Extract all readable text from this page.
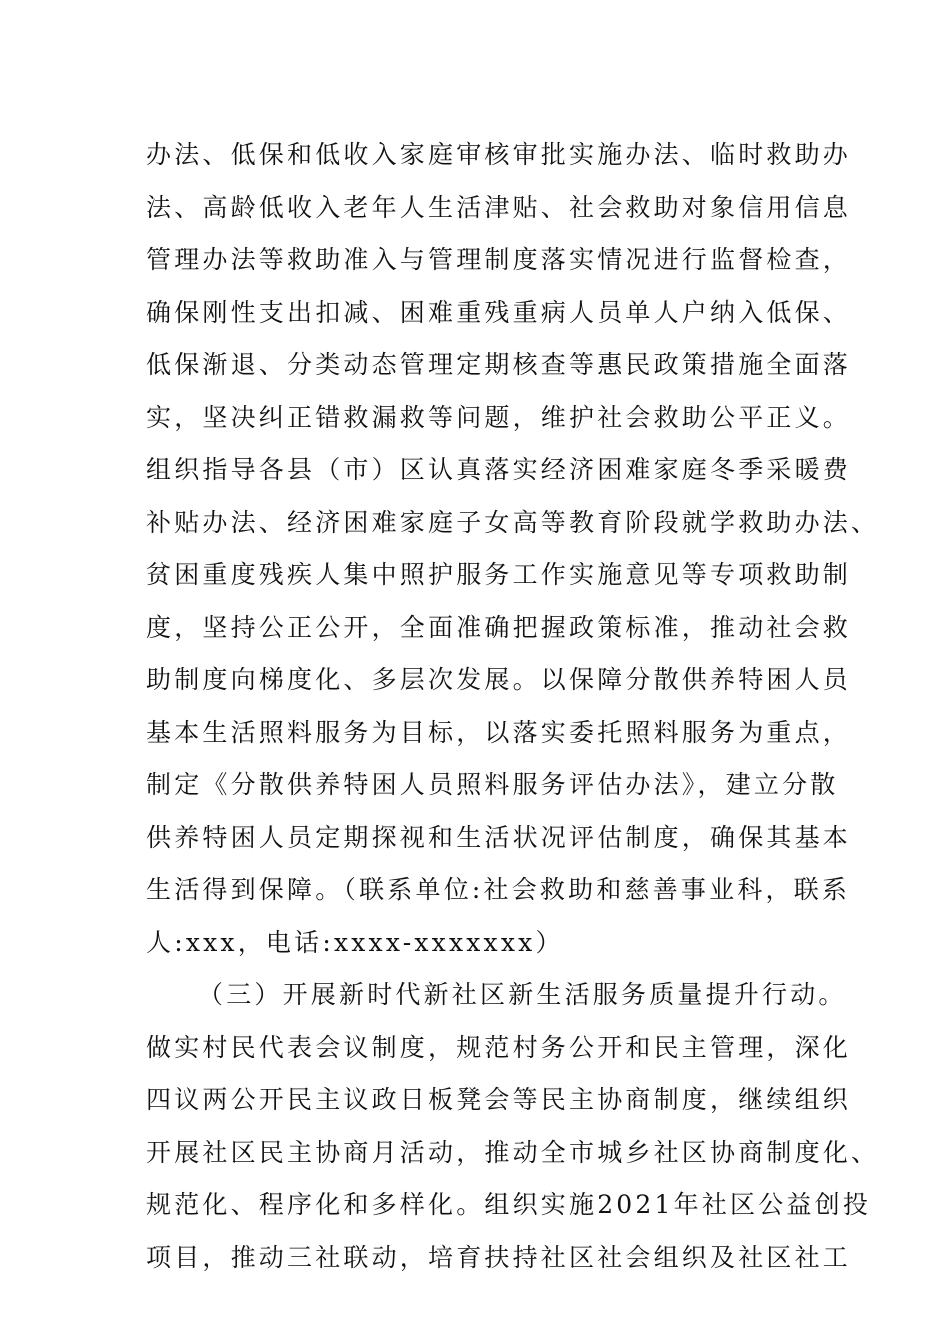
办法、低保和低收入家庭审核审批实施办法、临时救助办
法、高龄低收入老年人生活津贴、社会救助对象信用信息
管理办法等救助准入与管理制度落实情况进行监督检查，
确保刚性支出扣减、困难重残重病人员单人户纳入低保、
低保渐退、分类动态管理定期核查等惠民政策措施全面落
实，坚决纠正错救漏救等问题，维护社会救助公平正义。
组织指导各县（市）区认真落实经济困难家庭冬季采暖费
补贴办法、经济困难家庭子女高等教育阶段就学救助办法、
贫困重度残疾人集中照护服务工作实施意见等专项救助制
度，坚持公正公开，全面准确把握政策标准，推动社会救
助制度向梯度化、多层次发展。以保障分散供养特困人员
基本生活照料服务为目标，以落实委托照料服务为重点，
制定《分散供养特困人员照料服务评估办法》，建立分散
供养特困人员定期探视和生活状况评估制度，确保其基本
生活得到保障。（联系单位:社会救助和慈善事业科，联系
人:xxx，电话:xxxx-xxxxxxx）
（三）开展新时代新社区新生活服务质量提升行动。
做实村民代表会议制度，规范村务公开和民主管理，深化
四议两公开民主议政日板凳会等民主协商制度，继续组织
开展社区民主协商月活动，推动全市城乡社区协商制度化、
规范化、程序化和多样化。组织实施2021年社区公益创投
项目，推动三社联动，培育扶持社区社会组织及社区社工
